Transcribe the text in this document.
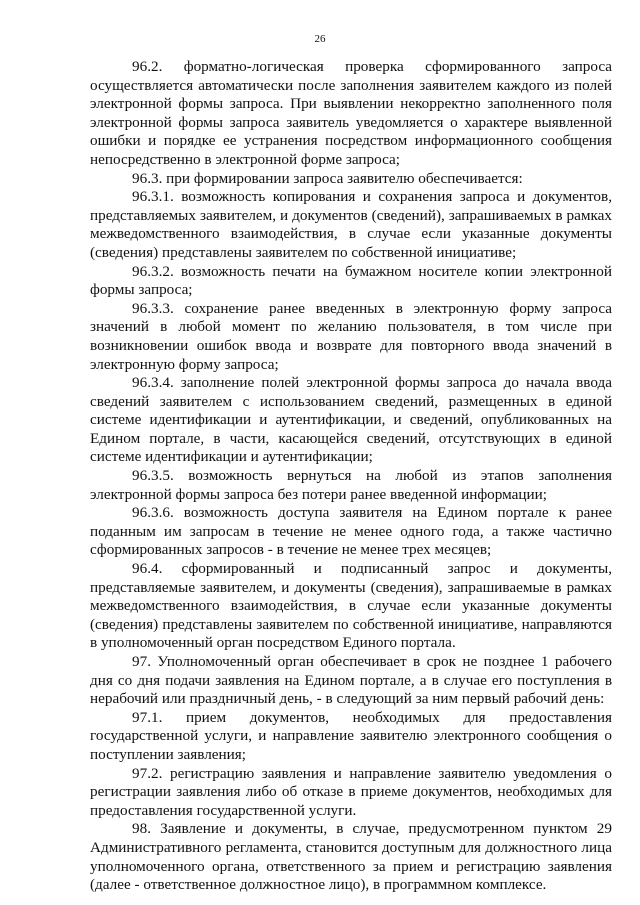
26

96.2. форматно-логическая проверка сформированного запроса осуществляется автоматически после заполнения заявителем каждого из полей электронной формы запроса. При выявлении некорректно заполненного поля электронной формы запроса заявитель уведомляется о характере выявленной ошибки и порядке ее устранения посредством информационного сообщения непосредственно в электронной форме запроса;

96.3. при формировании запроса заявителю обеспечивается:

96.3.1. возможность копирования и сохранения запроса и документов, представляемых заявителем, и документов (сведений), запрашиваемых в рамках межведомственного взаимодействия, в случае если указанные документы (сведения) представлены заявителем по собственной инициативе;

96.3.2. возможность печати на бумажном носителе копии электронной формы запроса;

96.3.3. сохранение ранее введенных в электронную форму запроса значений в любой момент по желанию пользователя, в том числе при возникновении ошибок ввода и возврате для повторного ввода значений в электронную форму запроса;

96.3.4. заполнение полей электронной формы запроса до начала ввода сведений заявителем с использованием сведений, размещенных в единой системе идентификации и аутентификации, и сведений, опубликованных на Едином портале, в части, касающейся сведений, отсутствующих в единой системе идентификации и аутентификации;

96.3.5. возможность вернуться на любой из этапов заполнения электронной формы запроса без потери ранее введенной информации;

96.3.6. возможность доступа заявителя на Едином портале к ранее поданным им запросам в течение не менее одного года, а также частично сформированных запросов - в течение не менее трех месяцев;

96.4. сформированный и подписанный запрос и документы, представляемые заявителем, и документы (сведения), запрашиваемые в рамках межведомственного взаимодействия, в случае если указанные документы (сведения) представлены заявителем по собственной инициативе, направляются в уполномоченный орган посредством Единого портала.

97. Уполномоченный орган обеспечивает в срок не позднее 1 рабочего дня со дня подачи заявления на Едином портале, а в случае его поступления в нерабочий или праздничный день, - в следующий за ним первый рабочий день:

97.1. прием документов, необходимых для предоставления государственной услуги, и направление заявителю электронного сообщения о поступлении заявления;

97.2. регистрацию заявления и направление заявителю уведомления о регистрации заявления либо об отказе в приеме документов, необходимых для предоставления государственной услуги.

98. Заявление и документы, в случае, предусмотренном пунктом 29 Административного регламента, становится доступным для должностного лица уполномоченного органа, ответственного за прием и регистрацию заявления (далее - ответственное должностное лицо), в программном комплексе.
